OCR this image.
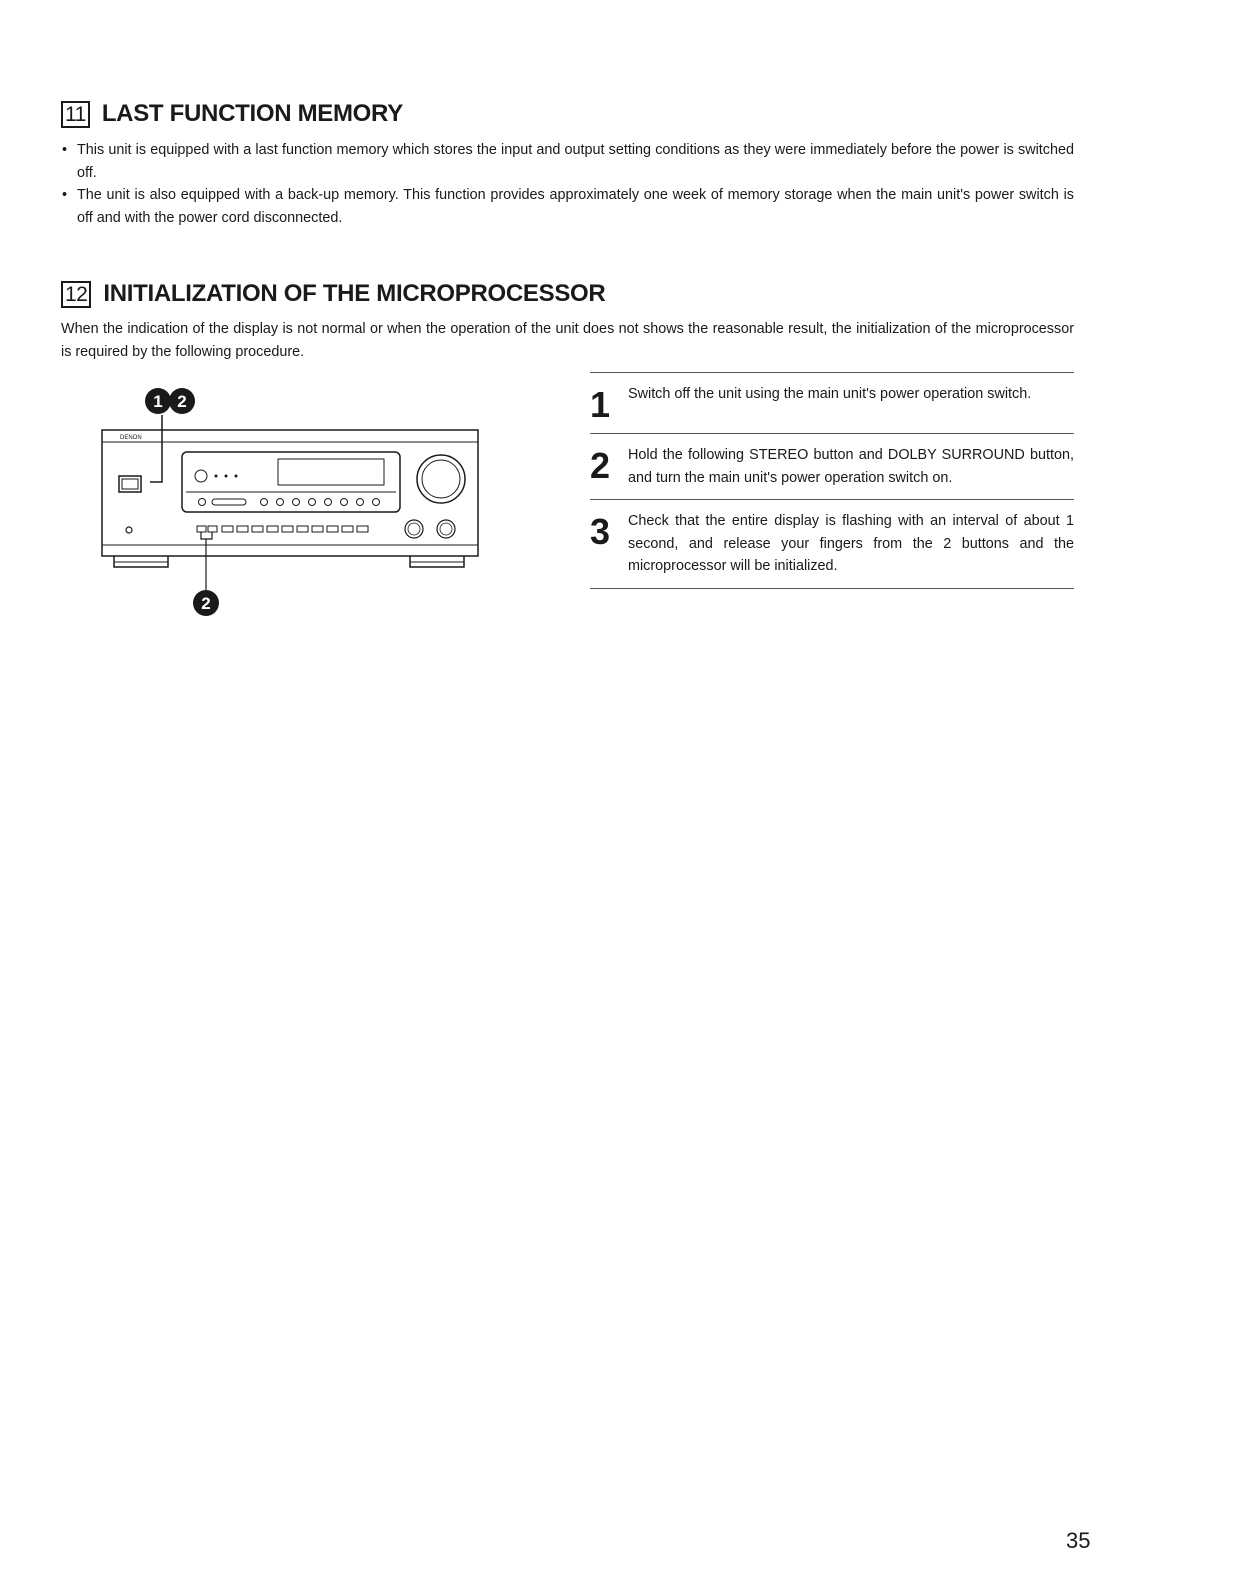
11 LAST FUNCTION MEMORY
• This unit is equipped with a last function memory which stores the input and output setting conditions as they were immediately before the power is switched off.
• The unit is also equipped with a back-up memory. This function provides approximately one week of memory storage when the main unit's power switch is off and with the power cord disconnected.
12 INITIALIZATION OF THE MICROPROCESSOR

When the indication of the display is not normal or when the operation of the unit does not shows the reasonable result, the initialization of the microprocessor is required by the following procedure.

1 2
DENON
2
1	Switch off the unit using the main unit's power operation switch.
2	Hold the following STEREO button and DOLBY SURROUND button, and turn the main unit's power operation switch on.
3	Check that the entire display is flashing with an interval of about 1 second, and release your fingers from the 2 buttons and the microprocessor will be initialized.
35
